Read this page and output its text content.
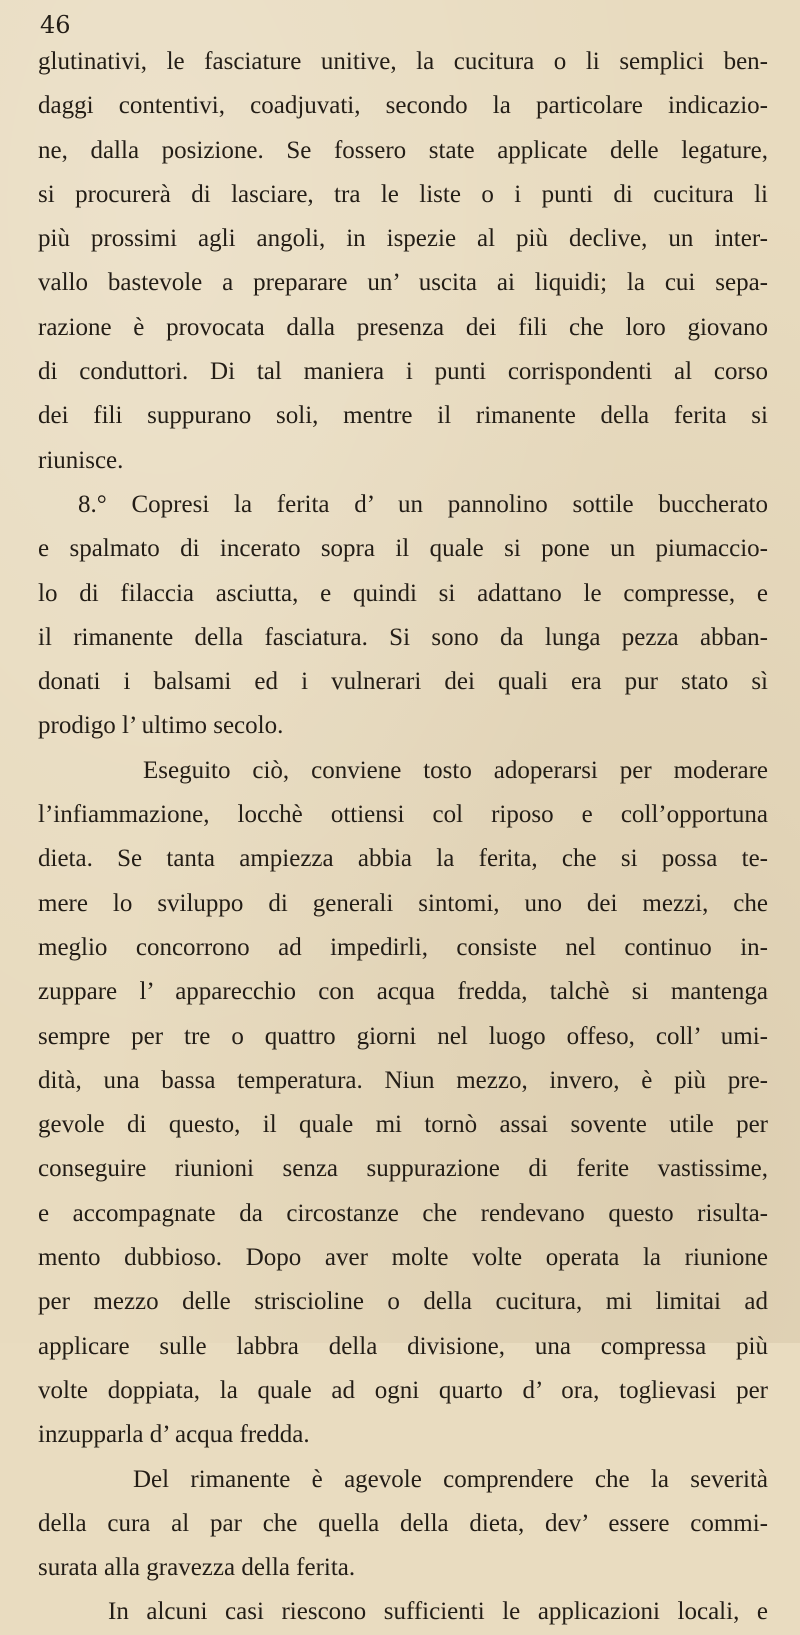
46
glutinativi, le fasciature unitive, la cucitura o li semplici ben-
daggi contentivi, coadjuvati, secondo la particolare indicazio-
ne, dalla posizione. Se fossero state applicate delle legature,
si procurerà di lasciare, tra le liste o i punti di cucitura li
più prossimi agli angoli, in ispezie al più declive, un inter-
vallo bastevole a preparare un’ uscita ai liquidi; la cui sepa-
razione è provocata dalla presenza dei fili che loro giovano
di conduttori. Di tal maniera i punti corrispondenti al corso
dei fili suppurano soli, mentre il rimanente della ferita si
riunisce.
8.° Copresi la ferita d’ un pannolino sottile buccherato
e spalmato di incerato sopra il quale si pone un piumaccio-
lo di filaccia asciutta, e quindi si adattano le compresse, e
il rimanente della fasciatura. Si sono da lunga pezza abban-
donati i balsami ed i vulnerari dei quali era pur stato sì
prodigo l’ ultimo secolo.
Eseguito ciò, conviene tosto adoperarsi per moderare
l’infiammazione, locchè ottiensi col riposo e coll’opportuna
dieta. Se tanta ampiezza abbia la ferita, che si possa te-
mere lo sviluppo di generali sintomi, uno dei mezzi, che
meglio concorrono ad impedirli, consiste nel continuo in-
zuppare l’ apparecchio con acqua fredda, talchè si mantenga
sempre per tre o quattro giorni nel luogo offeso, coll’ umi-
dità, una bassa temperatura. Niun mezzo, invero, è più pre-
gevole di questo, il quale mi tornò assai sovente utile per
conseguire riunioni senza suppurazione di ferite vastissime,
e accompagnate da circostanze che rendevano questo risulta-
mento dubbioso. Dopo aver molte volte operata la riunione
per mezzo delle striscioline o della cucitura, mi limitai ad
applicare sulle labbra della divisione, una compressa più
volte doppiata, la quale ad ogni quarto d’ ora, toglievasi per
inzupparla d’ acqua fredda.
Del rimanente è agevole comprendere che la severità
della cura al par che quella della dieta, dev’ essere commi-
surata alla gravezza della ferita.
In alcuni casi riescono sufficienti le applicazioni locali, e
